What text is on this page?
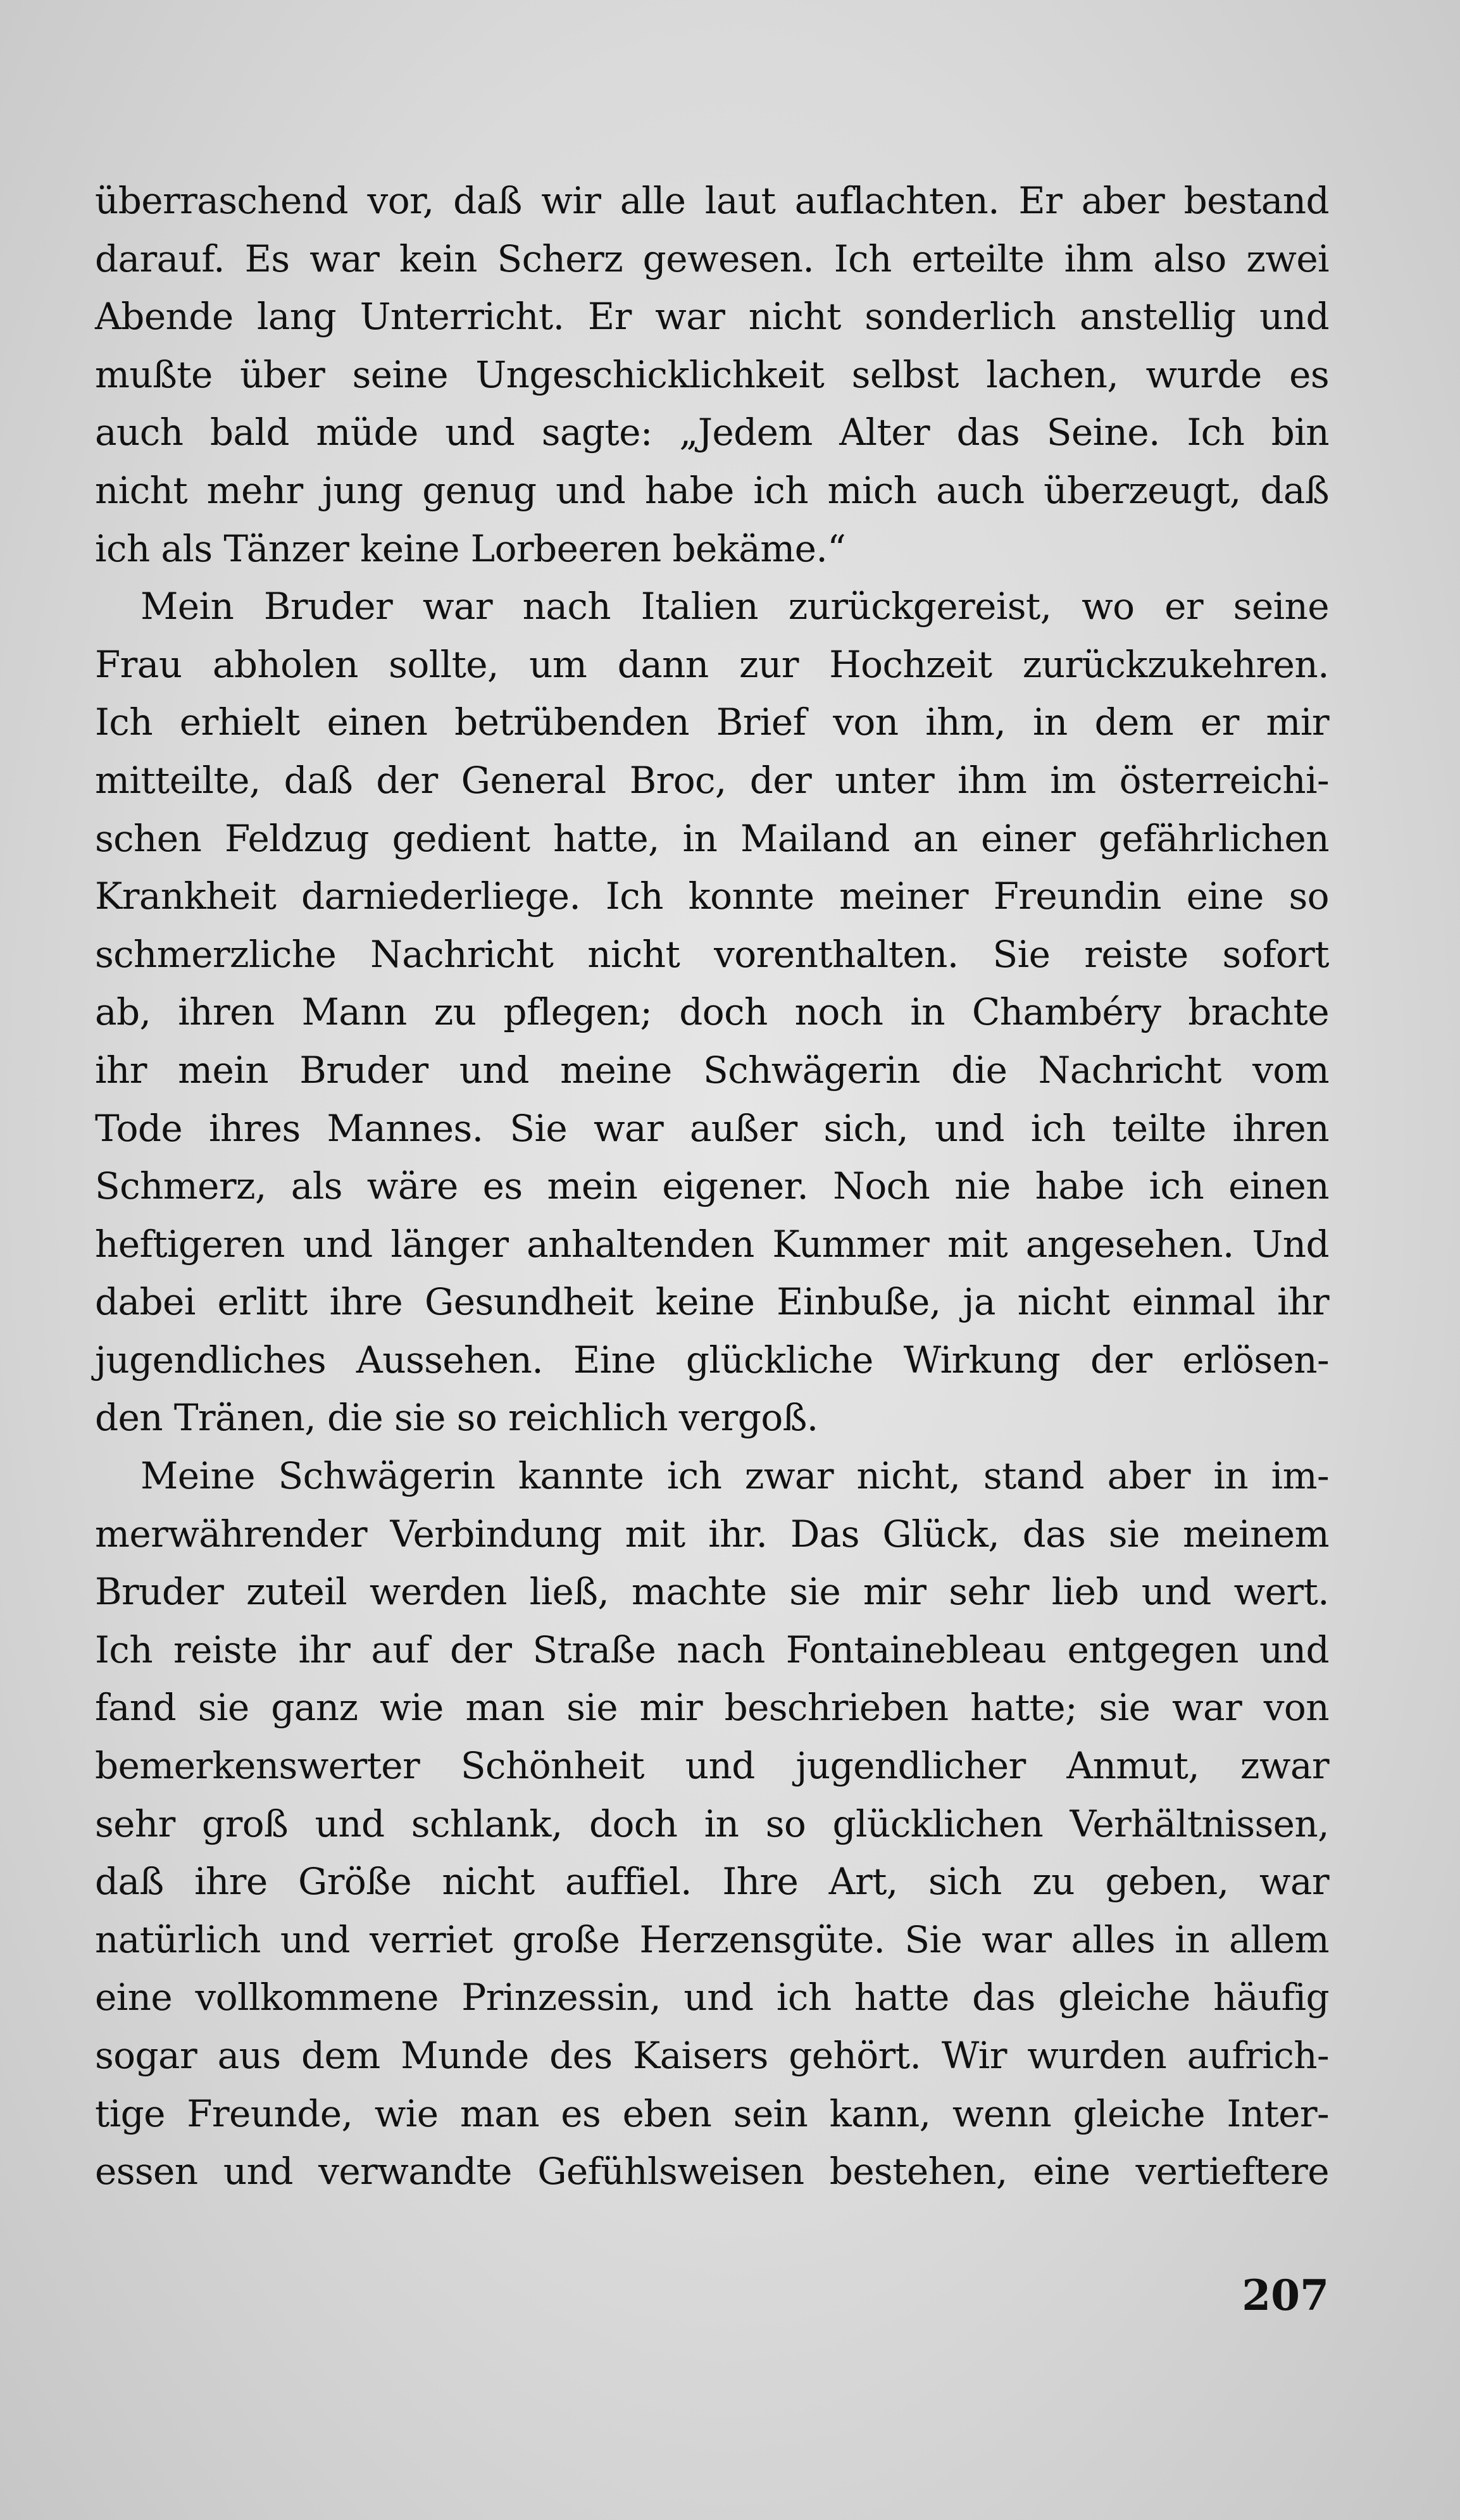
überraschend vor, daß wir alle laut auflachten. Er aber bestand
darauf. Es war kein Scherz gewesen. Ich erteilte ihm also zwei
Abende lang Unterricht. Er war nicht sonderlich anstellig und
mußte über seine Ungeschicklichkeit selbst lachen, wurde es
auch bald müde und sagte: „Jedem Alter das Seine. Ich bin
nicht mehr jung genug und habe ich mich auch überzeugt, daß
ich als Tänzer keine Lorbeeren bekäme.“
Mein Bruder war nach Italien zurückgereist, wo er seine
Frau abholen sollte, um dann zur Hochzeit zurückzukehren.
Ich erhielt einen betrübenden Brief von ihm, in dem er mir
mitteilte, daß der General Broc, der unter ihm im österreichi-
schen Feldzug gedient hatte, in Mailand an einer gefährlichen
Krankheit darniederliege. Ich konnte meiner Freundin eine so
schmerzliche Nachricht nicht vorenthalten. Sie reiste sofort
ab, ihren Mann zu pflegen; doch noch in Chambéry brachte
ihr mein Bruder und meine Schwägerin die Nachricht vom
Tode ihres Mannes. Sie war außer sich, und ich teilte ihren
Schmerz, als wäre es mein eigener. Noch nie habe ich einen
heftigeren und länger anhaltenden Kummer mit angesehen. Und
dabei erlitt ihre Gesundheit keine Einbuße, ja nicht einmal ihr
jugendliches Aussehen. Eine glückliche Wirkung der erlösen-
den Tränen, die sie so reichlich vergoß.
Meine Schwägerin kannte ich zwar nicht, stand aber in im-
merwährender Verbindung mit ihr. Das Glück, das sie meinem
Bruder zuteil werden ließ, machte sie mir sehr lieb und wert.
Ich reiste ihr auf der Straße nach Fontainebleau entgegen und
fand sie ganz wie man sie mir beschrieben hatte; sie war von
bemerkenswerter Schönheit und jugendlicher Anmut, zwar
sehr groß und schlank, doch in so glücklichen Verhältnissen,
daß ihre Größe nicht auffiel. Ihre Art, sich zu geben, war
natürlich und verriet große Herzensgüte. Sie war alles in allem
eine vollkommene Prinzessin, und ich hatte das gleiche häufig
sogar aus dem Munde des Kaisers gehört. Wir wurden aufrich-
tige Freunde, wie man es eben sein kann, wenn gleiche Inter-
essen und verwandte Gefühlsweisen bestehen, eine vertieftere
207
